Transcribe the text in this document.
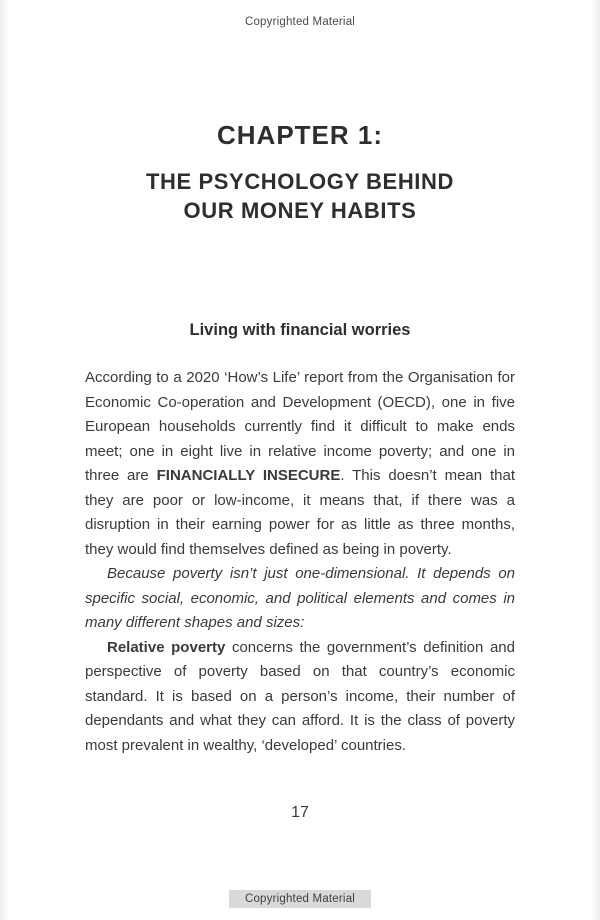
Copyrighted Material
CHAPTER 1:
THE PSYCHOLOGY BEHIND
OUR MONEY HABITS
Living with financial worries

According to a 2020 ‘How’s Life’ report from the Organisation for Economic Co-operation and Development (OECD), one in five European households currently find it difficult to make ends meet; one in eight live in relative income poverty; and one in three are FINANCIALLY INSECURE. This doesn’t mean that they are poor or low-income, it means that, if there was a disruption in their earning power for as little as three months, they would find themselves defined as being in poverty.

Because poverty isn’t just one-dimensional. It depends on specific social, economic, and political elements and comes in many different shapes and sizes:

Relative poverty concerns the government’s definition and perspective of poverty based on that country’s economic standard. It is based on a person’s income, their number of dependants and what they can afford. It is the class of poverty most prevalent in wealthy, ‘developed’ countries.

17
Copyrighted Material
